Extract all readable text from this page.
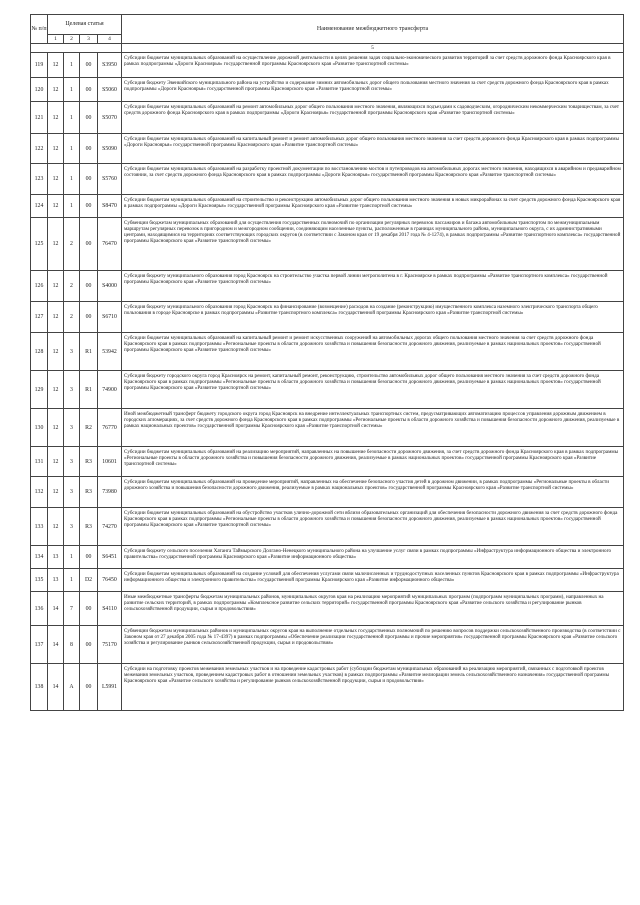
№ п/п	Целевая статья				Наименование межбюджетного трансферта
	1	2	3	4	
					5
119	12	1	00	S3950	Субсидии бюджетам муниципальных образований на осуществление дорожной деятельности в целях решения задач социально-экономического развития территорий за счет средств дорожного фонда Красноярского края в рамках подпрограммы «Дороги Красноярья» государственной программы Красноярского края «Развитие транспортной системы»
120	12	1	00	S5060	Субсидия бюджету Эвенкийского муниципального района на устройство и содержание зимних автомобильных дорог общего пользования местного значения за счет средств дорожного фонда Красноярского края в рамках подпрограммы «Дороги Красноярья» государственной программы Красноярского края «Развитие транспортной системы»
121	12	1	00	S5070	Субсидии бюджетам муниципальных образований на ремонт автомобильных дорог общего пользования местного значения, являющихся подъездами к садоводческим, огородническим некоммерческим товариществам, за счет средств дорожного фонда Красноярского края в рамках подпрограммы «Дороги Красноярья» государственной программы Красноярского края «Развитие транспортной системы»
122	12	1	00	S5090	Субсидии бюджетам муниципальных образований на капитальный ремонт и ремонт автомобильных дорог общего пользования местного значения за счет средств дорожного фонда Красноярского края в рамках подпрограммы «Дороги Красноярья» государственной программы Красноярского края «Развитие транспортной системы»
123	12	1	00	S5760	Субсидии бюджетам муниципальных образований на разработку проектной документации по восстановлению мостов и путепроводов на автомобильных дорогах местного значения, находящихся в аварийном и предаварийном состоянии, за счет средств дорожного фонда Красноярского края в рамках подпрограммы «Дороги Красноярья» государственной программы Красноярского края «Развитие транспортной системы»
124	12	1	00	S8470	Субсидии бюджетам муниципальных образований на строительство и реконструкцию автомобильных дорог общего пользования местного значения в новых микрорайонах за счет средств дорожного фонда Красноярского края в рамках подпрограммы «Дороги Красноярья» государственной программы Красноярского края «Развитие транспортной системы»
125	12	2	00	76470	Субвенции бюджетам муниципальных образований для осуществления государственных полномочий по организации регулярных перевозок пассажиров и багажа автомобильным транспортом по межмуниципальным маршрутам регулярных перевозок в пригородном и межгородном сообщении, соединяющим населенные пункты, расположенные в границах муниципального района, муниципального округа, с их административными центрами, находящимися на территориях соответствующих городских округов (в соответствии с Законом края от 19 декабря 2017 года № 4-1274), в рамках подпрограммы «Развитие транспортного комплекса» государственной программы Красноярского края «Развитие транспортной системы»
126	12	2	00	S4000	Субсидия бюджету муниципального образования город Красноярск на строительство участка первой линии метрополитена в г. Красноярске в рамках подпрограммы «Развитие транспортного комплекса» государственной программы Красноярского края «Развитие транспортной системы»
127	12	2	00	S6710	Субсидия бюджету муниципального образования город Красноярск на финансирование (возмещение) расходов на создание (реконструкцию) имущественного комплекса наземного электрического транспорта общего пользования в городе Красноярске в рамках подпрограммы «Развитие транспортного комплекса» государственной программы Красноярского края «Развитие транспортной системы»
128	12	3	R1	53942	Субсидии бюджетам муниципальных образований на капитальный ремонт и ремонт искусственных сооружений на автомобильных дорогах общего пользования местного значения за счет средств дорожного фонда Красноярского края в рамках подпрограммы «Региональные проекты в области дорожного хозяйства и повышения безопасности дорожного движения, реализуемые в рамках национальных проектов» государственной программы Красноярского края «Развитие транспортной системы»
129	12	3	R1	74900	Субсидия бюджету городского округа город Красноярск на ремонт, капитальный ремонт, реконструкцию, строительство автомобильных дорог общего пользования местного значения за счет средств дорожного фонда Красноярского края в рамках подпрограммы «Региональные проекты в области дорожного хозяйства и повышения безопасности дорожного движения, реализуемые в рамках национальных проектов» государственной программы Красноярского края «Развитие транспортной системы»
130	12	3	R2	76770	Иной межбюджетный трансферт бюджету городского округа город Красноярск на внедрение интеллектуальных транспортных систем, предусматривающих автоматизацию процессов управления дорожным движением в городских агломерациях, за счет средств дорожного фонда Красноярского края в рамках подпрограммы «Региональные проекты в области дорожного хозяйства и повышения безопасности дорожного движения, реализуемые в рамках национальных проектов» государственной программы Красноярского края «Развитие транспортной системы»
131	12	3	R3	10601	Субсидии бюджетам муниципальных образований на реализацию мероприятий, направленных на повышение безопасности дорожного движения, за счет средств дорожного фонда Красноярского края в рамках подпрограммы «Региональные проекты в области дорожного хозяйства и повышения безопасности дорожного движения, реализуемые в рамках национальных проектов» государственной программы Красноярского края «Развитие транспортной системы»
132	12	3	R3	73980	Субсидии бюджетам муниципальных образований на проведение мероприятий, направленных на обеспечение безопасного участия детей в дорожном движении, в рамках подпрограммы «Региональные проекты в области дорожного хозяйства и повышения безопасности дорожного движения, реализуемые в рамках национальных проектов» государственной программы Красноярского края «Развитие транспортной системы»
133	12	3	R3	74270	Субсидии бюджетам муниципальных образований на обустройство участков улично-дорожной сети вблизи образовательных организаций для обеспечения безопасности дорожного движения за счет средств дорожного фонда Красноярского края в рамках подпрограммы «Региональные проекты в области дорожного хозяйства и повышения безопасности дорожного движения, реализуемые в рамках национальных проектов» государственной программы Красноярского края «Развитие транспортной системы»
134	13	1	00	S6451	Субсидия бюджету сельского поселения Хатанга Таймырского Долгано-Ненецкого муниципального района на улучшение услуг связи в рамках подпрограммы «Инфраструктура информационного общества и электронного правительства» государственной программы Красноярского края «Развитие информационного общества»
135	13	1	D2	76450	Субсидии бюджетам муниципальных образований на создание условий для обеспечения услугами связи малочисленных и труднодоступных населенных пунктов Красноярского края в рамках подпрограммы «Инфраструктура информационного общества и электронного правительства» государственной программы Красноярского края «Развитие информационного общества»
136	14	7	00	S4110	Иные межбюджетные трансферты бюджетам муниципальных районов, муниципальных округов края на реализацию мероприятий муниципальных программ (подпрограмм муниципальных программ), направленных на развитие сельских территорий, в рамках подпрограммы «Комплексное развитие сельских территорий» государственной программы Красноярского края «Развитие сельского хозяйства и регулирование рынков сельскохозяйственной продукции, сырья и продовольствия»
137	14	8	00	75170	Субвенции бюджетам муниципальных районов и муниципальных округов края на выполнение отдельных государственных полномочий по решению вопросов поддержки сельскохозяйственного производства (в соответствии с Законом края от 27 декабря 2005 года № 17-4397) в рамках подпрограммы «Обеспечение реализации государственной программы и прочие мероприятия» государственной программы Красноярского края «Развитие сельского хозяйства и регулирование рынков сельскохозяйственной продукции, сырья и продовольствия»
138	14	A	00	L5991	Субсидии на подготовку проектов межевания земельных участков и на проведение кадастровых работ (субсидии бюджетам муниципальных образований на реализацию мероприятий, связанных с подготовкой проектов межевания земельных участков, проведением кадастровых работ в отношении земельных участков) в рамках подпрограммы «Развитие мелиорации земель сельскохозяйственного назначения» государственной программы Красноярского края «Развитие сельского хозяйства и регулирование рынков сельскохозяйственной продукции, сырья и продовольствия»
